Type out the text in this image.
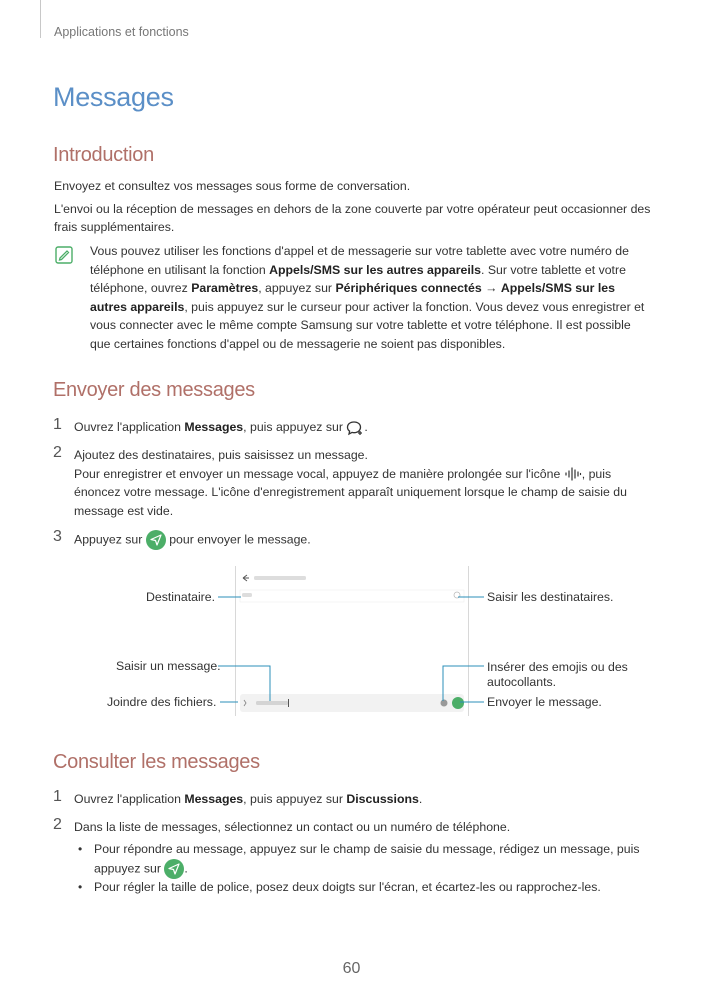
Applications et fonctions
Messages
Introduction

Envoyez et consultez vos messages sous forme de conversation.

L'envoi ou la réception de messages en dehors de la zone couverte par votre opérateur peut occasionner des frais supplémentaires.

Vous pouvez utiliser les fonctions d'appel et de messagerie sur votre tablette avec votre numéro de téléphone en utilisant la fonction Appels/SMS sur les autres appareils. Sur votre tablette et votre téléphone, ouvrez Paramètres, appuyez sur Périphériques connectés → Appels/SMS sur les autres appareils, puis appuyez sur le curseur pour activer la fonction. Vous devez vous enregistrer et vous connecter avec le même compte Samsung sur votre tablette et votre téléphone. Il est possible que certaines fonctions d'appel ou de messagerie ne soient pas disponibles.
Envoyer des messages
1 Ouvrez l'application Messages, puis appuyez sur .
2 Ajoutez des destinataires, puis saisissez un message.
Pour enregistrer et envoyer un message vocal, appuyez de manière prolongée sur l'icône , puis énoncez votre message. L'icône d'enregistrement apparaît uniquement lorsque le champ de saisie du message est vide.
3 Appuyez sur
pour envoyer le message.
Destinataire.	Saisir les destinataires.
Saisir un message.	Insérer des emojis ou des autocollants.
Joindre des fichiers.	Envoyer le message.
Consulter les messages
1 Ouvrez l'application Messages, puis appuyez sur Discussions.
2 Dans la liste de messages, sélectionnez un contact ou un numéro de téléphone.
• Pour répondre au message, appuyez sur le champ de saisie du message, rédigez un message, puis appuyez sur
.
• Pour régler la taille de police, posez deux doigts sur l'écran, et écartez-les ou rapprochez-les.
60
